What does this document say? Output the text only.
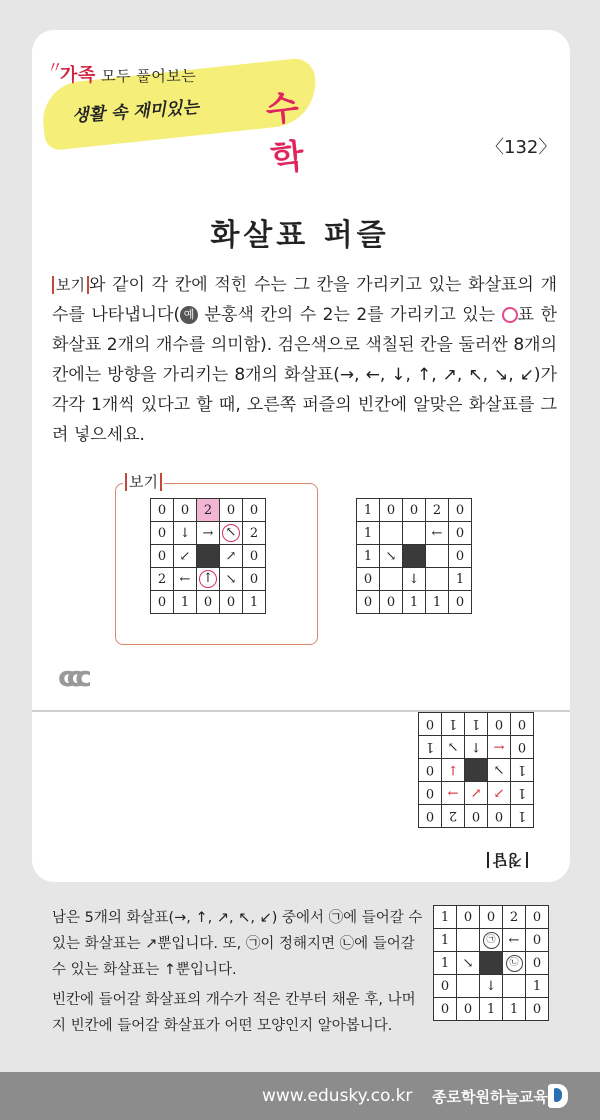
〃
가족 모두 풀어보는
생활 속 재미있는 수학	〈132〉
화살표 퍼즐
보기 와 같이 각 칸에 적힌 수는 그 칸을 가리키고 있는 화살표의 개수를 나타냅니다( 예 분홍색 칸의 수 2는 2를 가리키고 있는 표 한 화살표 2개의 개수를 의미함). 검은색으로 색칠된 칸을 둘러싼 8개의 칸에는 방향을 가리키는 8개의 화살표(→, ←, ↓, ↑, ↗, ↖, ↘, ↙)가 각각 1개씩 있다고 할 때, 오른쪽 퍼즐의 빈칸에 알맞은 화살표를 그려 넣으세요.
보기
0	0	2	0	0
0	↓	→	↖	2
0	↙		↗	0
2	←	↑	↘	0
0	1	0	0	1
1	0	0	2	0
1			←	0
1	↘			0
0		↓		1
0	0	1	1	0
ccc
1	0	0	2	0
1	↗	↙	→	0
1	↘		↓	0
0	←	↑	↘	1
0	0	1	1	0
정답

남은 5개의 화살표(→, ↑, ↗, ↖, ↙) 중에서 ㉠에 들어갈 수 있는 화살표는 ↗뿐입니다. 또, ㉠이 정해지면 ㉡에 들어갈 수 있는 화살표는 ↑뿐입니다.

빈칸에 들어갈 화살표의 개수가 적은 칸부터 채운 후, 나머지 빈칸에 들어갈 화살표가 어떤 모양인지 알아봅니다.

1	0	0	2	0
1		㉠	←	0
1	↘		㉡	0
0		↓		1
0	0	1	1	0
www.edusky.co.kr 종로학원하늘교육
